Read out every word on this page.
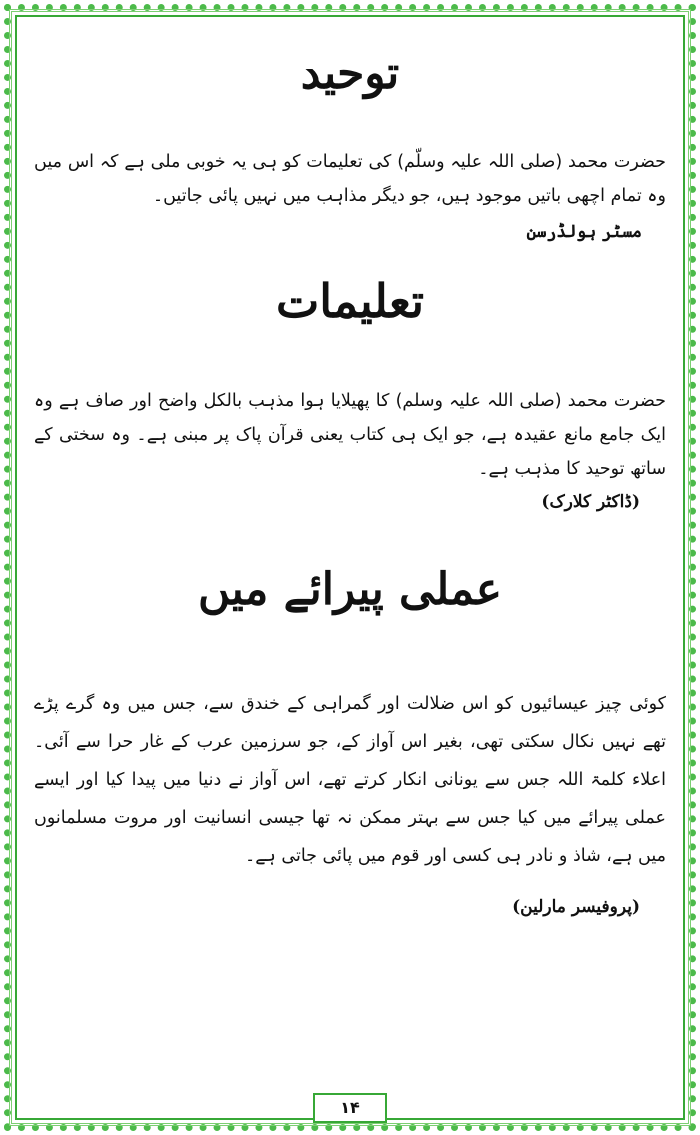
توحید

حضرت محمد (صلی اللہ علیہ وسلّم) کی تعلیمات کو ہی یہ خوبی ملی ہے کہ اس میں وہ تمام اچھی باتیں موجود ہیں، جو دیگر مذاہب میں نہیں پائی جاتیں۔

مسٹر ہولڈرسن

تعلیمات

حضرت محمد (صلی اللہ علیہ وسلم) کا پھیلایا ہوا مذہب بالکل واضح اور صاف ہے وہ ایک جامع مانع عقیدہ ہے، جو ایک ہی کتاب یعنی قرآن پاک پر مبنی ہے۔ وہ سختی کے ساتھ توحید کا مذہب ہے۔

(ڈاکٹر کلارک)

عملی پیرائے میں

کوئی چیز عیسائیوں کو اس ضلالت اور گمراہی کے خندق سے، جس میں وہ گرے پڑے تھے نہیں نکال سکتی تھی، بغیر اس آواز کے، جو سرزمین عرب کے غار حرا سے آئی۔ اعلاء کلمۃ اللہ جس سے یونانی انکار کرتے تھے، اس آواز نے دنیا میں پیدا کیا اور ایسے عملی پیرائے میں کیا جس سے بہتر ممکن نہ تھا جیسی انسانیت اور مروت مسلمانوں میں ہے، شاذ و نادر ہی کسی اور قوم میں پائی جاتی ہے۔

(پروفیسر مارلین)

۱۴
